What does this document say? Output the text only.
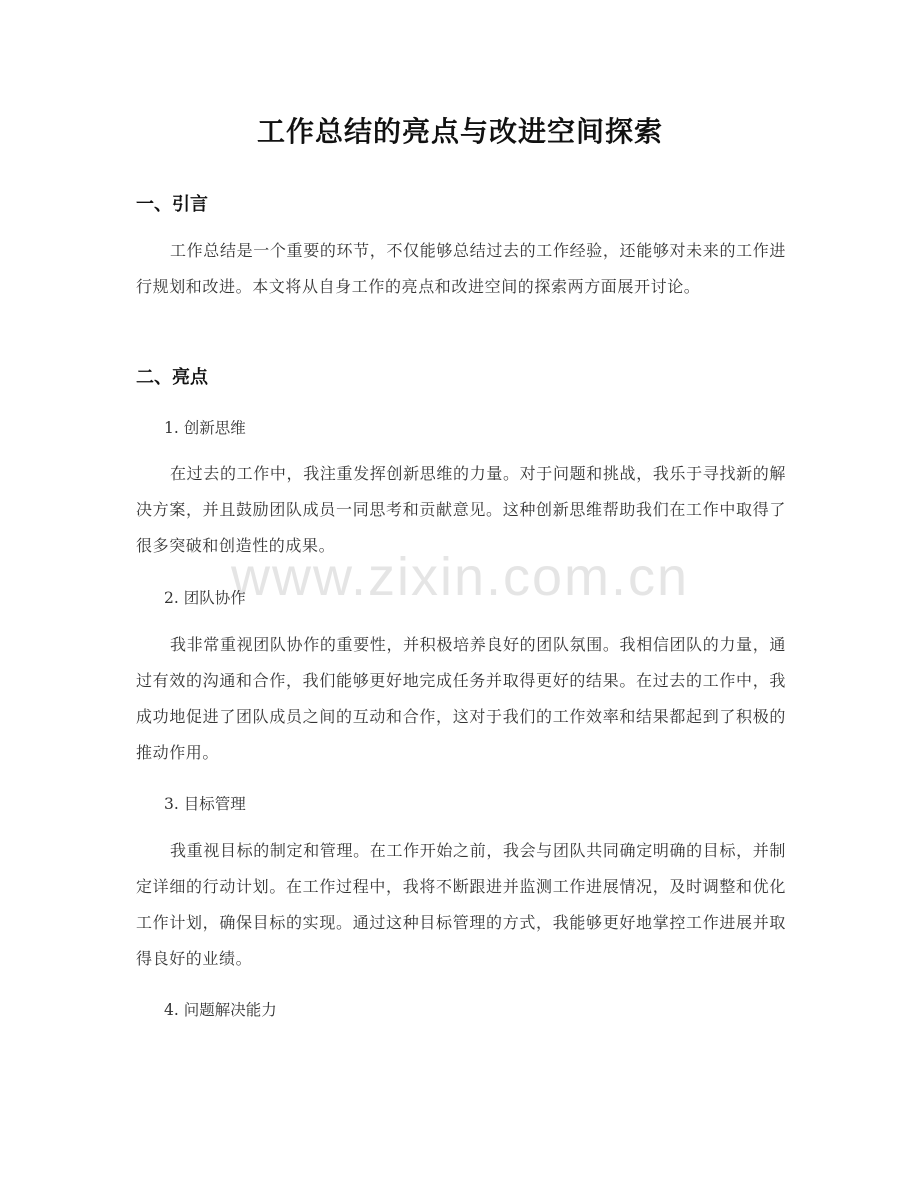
www.zixin.com.cn
工作总结的亮点与改进空间探索
一、引言
工作总结是一个重要的环节，不仅能够总结过去的工作经验，还能够对未来的工作进行规划和改进。本文将从自身工作的亮点和改进空间的探索两方面展开讨论。
二、亮点
1. 创新思维
在过去的工作中，我注重发挥创新思维的力量。对于问题和挑战，我乐于寻找新的解决方案，并且鼓励团队成员一同思考和贡献意见。这种创新思维帮助我们在工作中取得了很多突破和创造性的成果。
2. 团队协作
我非常重视团队协作的重要性，并积极培养良好的团队氛围。我相信团队的力量，通过有效的沟通和合作，我们能够更好地完成任务并取得更好的结果。在过去的工作中，我成功地促进了团队成员之间的互动和合作，这对于我们的工作效率和结果都起到了积极的推动作用。
3. 目标管理
我重视目标的制定和管理。在工作开始之前，我会与团队共同确定明确的目标，并制定详细的行动计划。在工作过程中，我将不断跟进并监测工作进展情况，及时调整和优化工作计划，确保目标的实现。通过这种目标管理的方式，我能够更好地掌控工作进展并取得良好的业绩。
4. 问题解决能力
